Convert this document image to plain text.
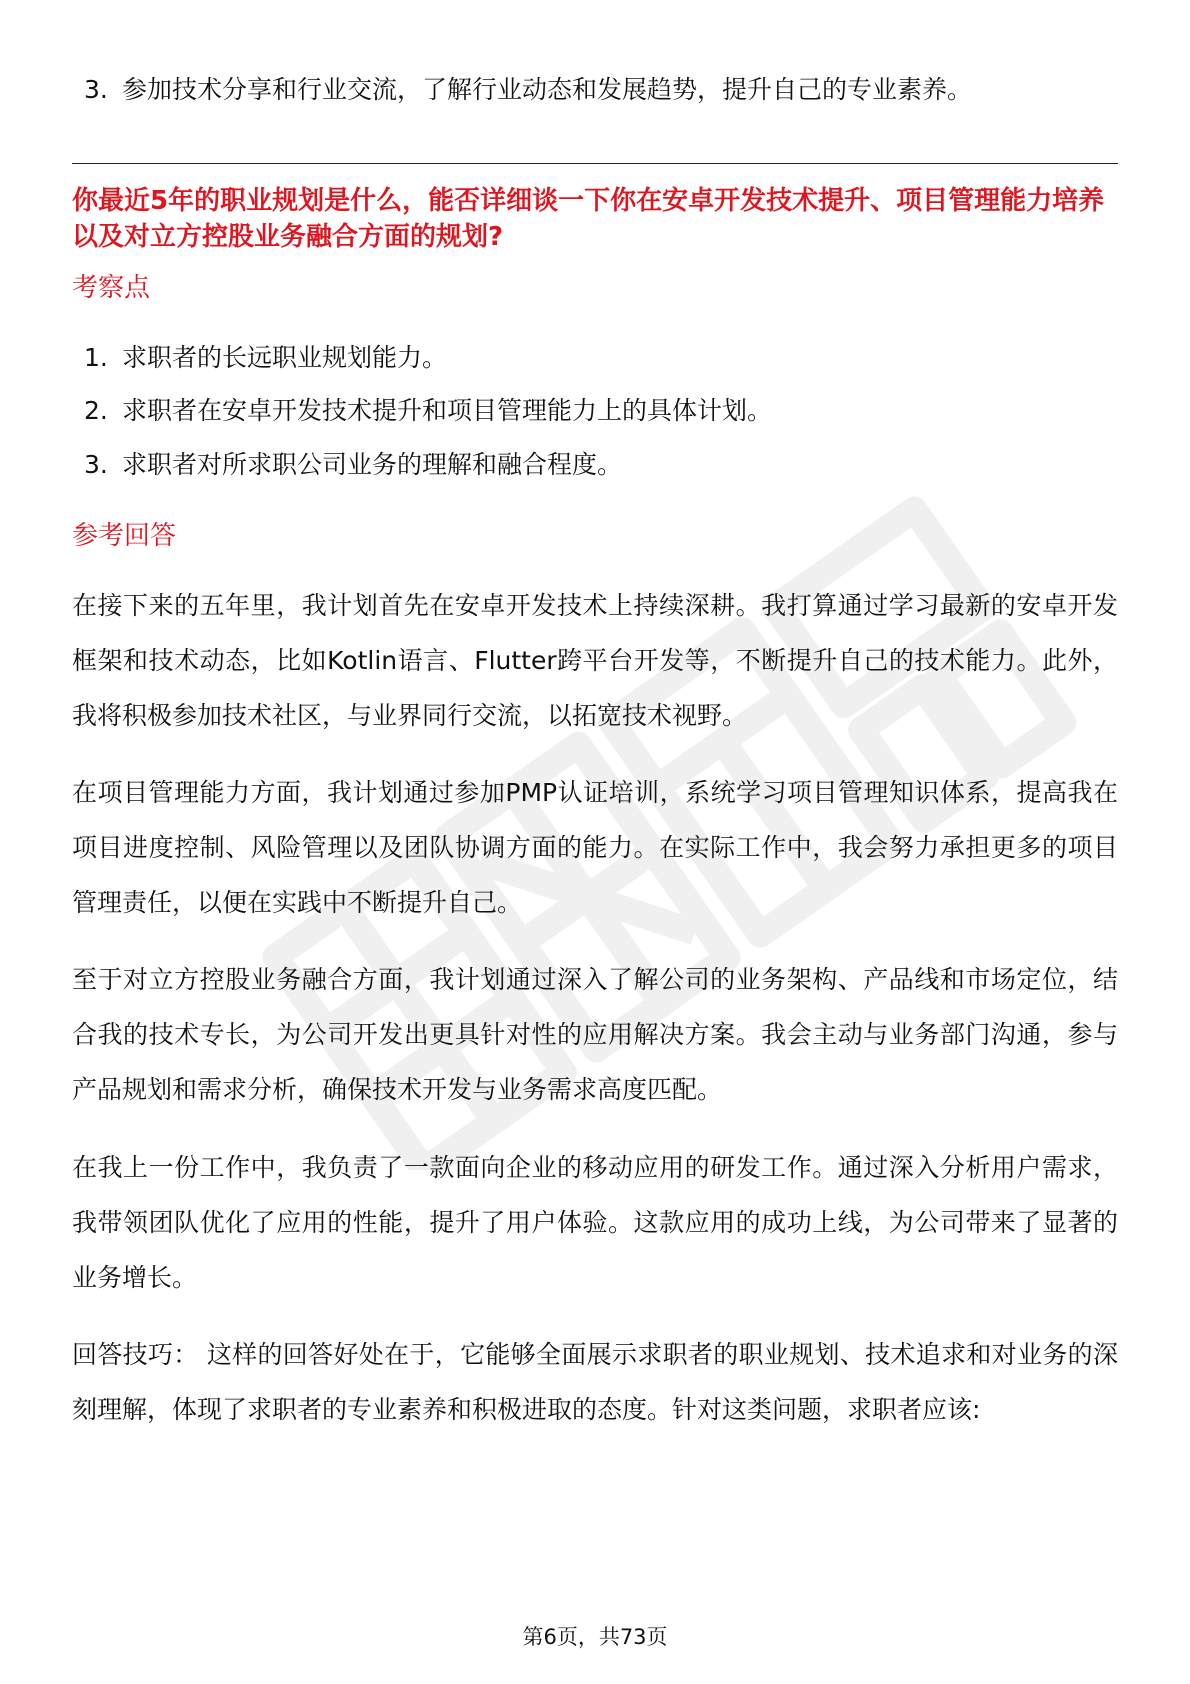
3. 参加技术分享和行业交流，了解行业动态和发展趋势，提升自己的专业素养。
你最近5年的职业规划是什么，能否详细谈一下你在安卓开发技术提升、项目管理能力培养以及对立方控股业务融合方面的规划?
考察点
1. 求职者的长远职业规划能力。
2. 求职者在安卓开发技术提升和项目管理能力上的具体计划。
3. 求职者对所求职公司业务的理解和融合程度。
参考回答
在接下来的五年里，我计划首先在安卓开发技术上持续深耕。我打算通过学习最新的安卓开发框架和技术动态，比如Kotlin语言、Flutter跨平台开发等，不断提升自己的技术能力。此外，我将积极参加技术社区，与业界同行交流，以拓宽技术视野。
在项目管理能力方面，我计划通过参加PMP认证培训，系统学习项目管理知识体系，提高我在项目进度控制、风险管理以及团队协调方面的能力。在实际工作中，我会努力承担更多的项目管理责任，以便在实践中不断提升自己。
至于对立方控股业务融合方面，我计划通过深入了解公司的业务架构、产品线和市场定位，结合我的技术专长，为公司开发出更具针对性的应用解决方案。我会主动与业务部门沟通，参与产品规划和需求分析，确保技术开发与业务需求高度匹配。
在我上一份工作中，我负责了一款面向企业的移动应用的研发工作。通过深入分析用户需求，我带领团队优化了应用的性能，提升了用户体验。这款应用的成功上线，为公司带来了显著的业务增长。
回答技巧： 这样的回答好处在于，它能够全面展示求职者的职业规划、技术追求和对业务的深刻理解，体现了求职者的专业素养和积极进取的态度。针对这类问题，求职者应该:
第6页，共73页
